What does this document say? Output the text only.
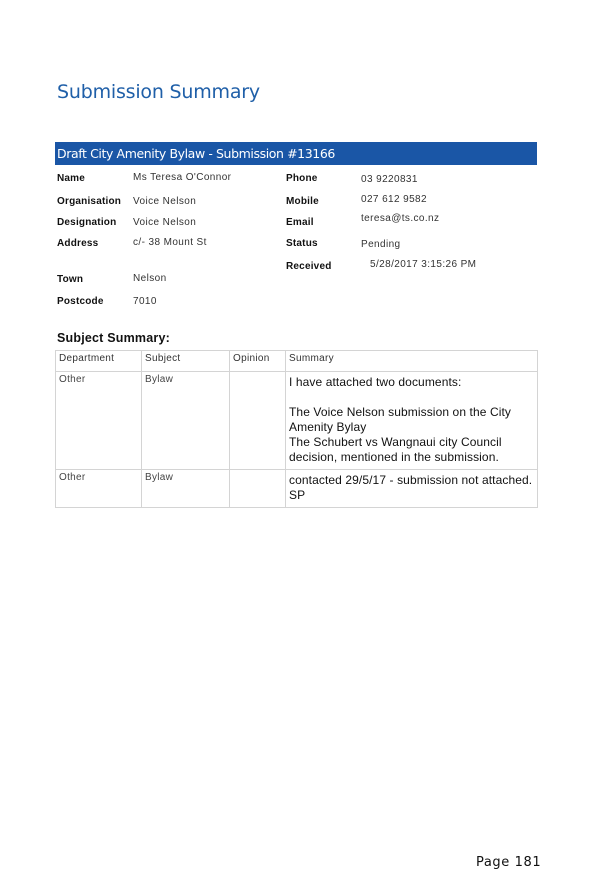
Submission Summary
Draft City Amenity Bylaw - Submission #13166
Name	Ms Teresa O'Connor
Organisation Voice Nelson
Designation Voice Nelson
Address	c/- 38 Mount St
Town	Nelson
Postcode	7010
Phone	03 9220831
Mobile	027 612 9582
Email	teresa@ts.co.nz
Status	Pending
Received	5/28/2017 3:15:26 PM
Subject Summary:
Department	Subject	Opinion	Summary
Other	Bylaw		I have attached two documents:

The Voice Nelson submission on the City Amenity Bylay

The Schubert vs Wangnaui city Council decision, mentioned in the submission.

Other	Bylaw		contacted 29/5/17 - submission not attached. SP

Page 181
